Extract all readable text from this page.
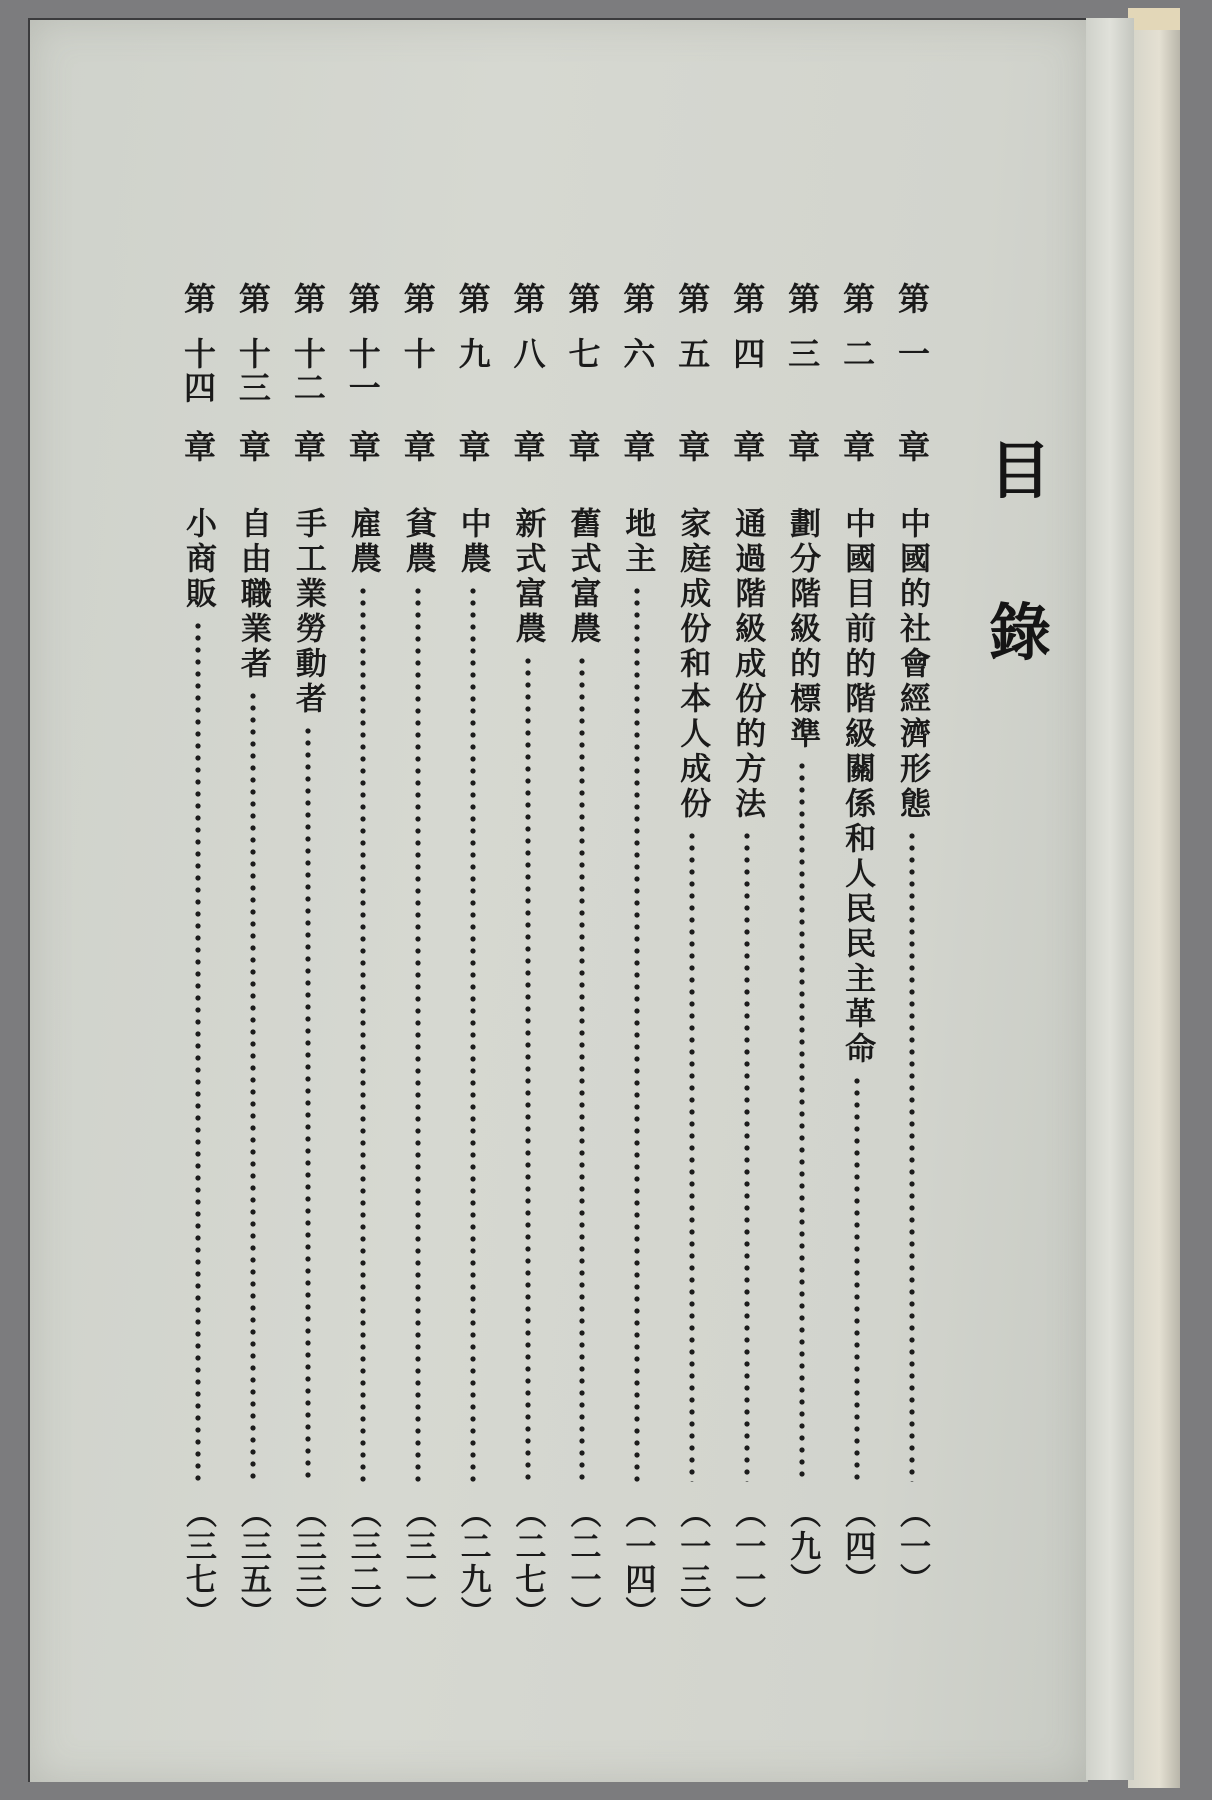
目
錄
第
一
章
中國的社會經濟形態
（一）
第
二
章
中國目前的階級關係和人民民主革命
（四）
第
三
章
劃分階級的標準
（九）
第
四
章
通過階級成份的方法
（一一）
第
五
章
家庭成份和本人成份
（一三）
第
六
章
地主
（一四）
第
七
章
舊式富農
（二一）
第
八
章
新式富農
（二七）
第
九
章
中農
（二九）
第
十
章
貧農
（三一）
第
十一
章
雇農
（三二）
第
十二
章
手工業勞動者
（三三）
第
十三
章
自由職業者
（三五）
第
十四
章
小商販
（三七）
